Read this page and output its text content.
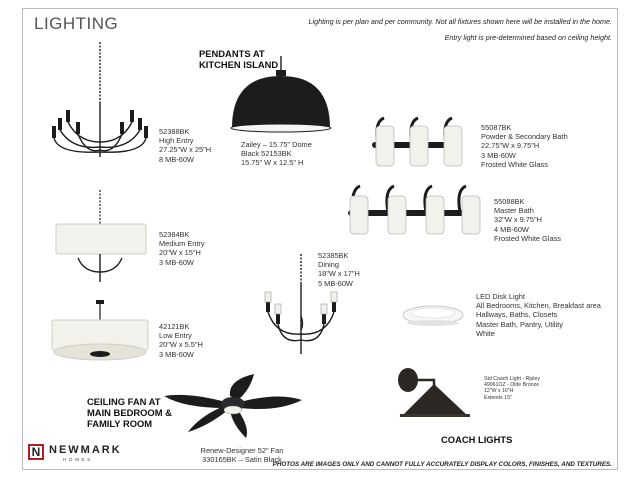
LIGHTING	Lighting is per plan and per community. Not all fixtures shown here will be installed in the home.
Entry light is pre-determined based on ceiling height.
52388BK
High Entry
27.25"W x 25"H
8 MB-60W
52384BK
Medium Entry
20"W x 15"H
3 MB-60W
42121BK
Low Entry
20"W x 5.5"H
3 MB-60W
PENDANTS AT
KITCHEN ISLAND
Zailey – 15.75" Dome
Black 52153BK
15.75" W x 12.5" H
52385BK
Dining
18"W x 17"H
5 MB-60W
55087BK
Powder & Secondary Bath
22.75"W x 9.75"H
3 MB-60W
Frosted White Glass
55088BK
Master Bath
32"W x 9.75"H
4 MB-60W
Frosted White Glass
LED Disk Light
All Bedrooms, Kitchen, Breakfast area
Hallways, Baths, Closets
Master Bath, Pantry, Utility
White
CEILING FAN AT
MAIN BEDROOM &
FAMILY ROOM
Renew-Designer 52" Fan
330165BK – Satin Black
Std Coach Light - Ripley
49061OZ - Olde Bronze
12"W x 10"H
Extends 15"
COACH LIGHTS
N NEWMARK
HOMES
PHOTOS ARE IMAGES ONLY AND CANNOT FULLY ACCURATELY DISPLAY COLORS, FINISHES, AND TEXTURES.
